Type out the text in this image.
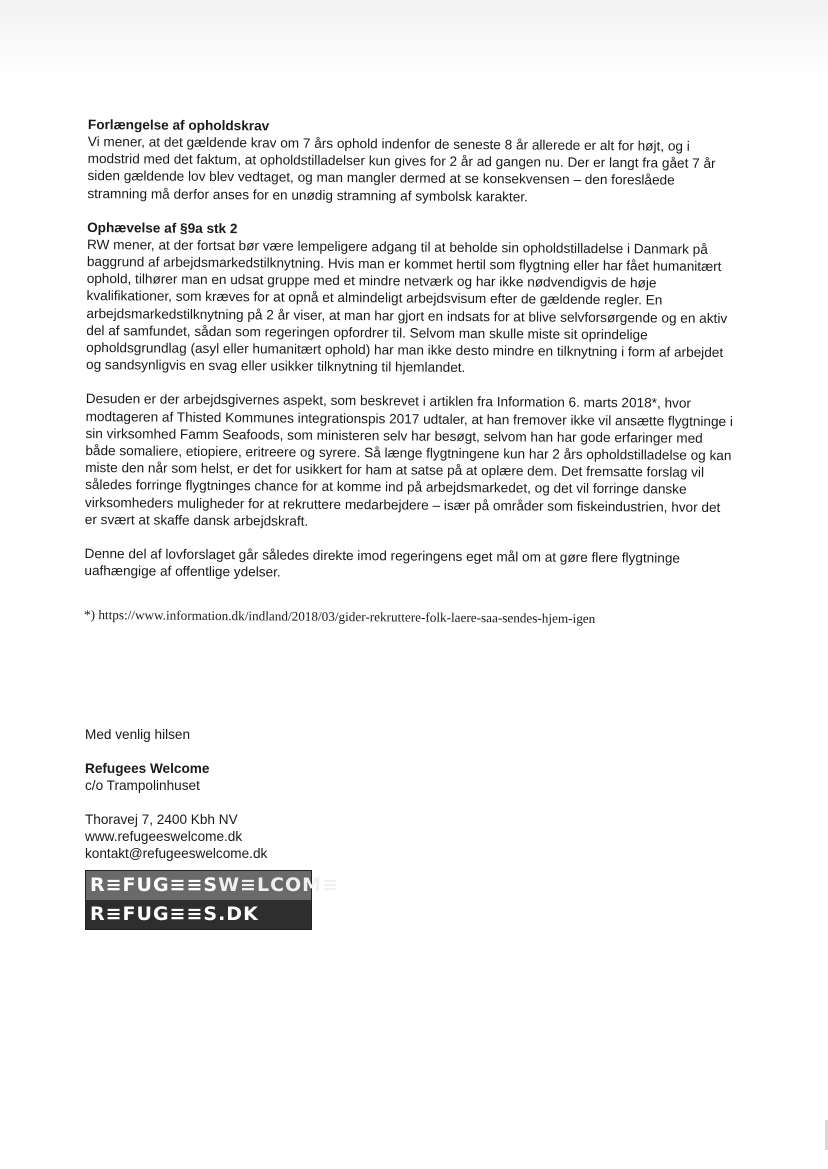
Forlængelse af opholdskrav

Vi mener, at det gældende krav om 7 års ophold indenfor de seneste 8 år allerede er alt for højt, og i modstrid med det faktum, at opholdstilladelser kun gives for 2 år ad gangen nu. Der er langt fra gået 7 år siden gældende lov blev vedtaget, og man mangler dermed at se konsekvensen – den foreslåede stramning må derfor anses for en unødig stramning af symbolsk karakter.

Ophævelse af §9a stk 2

RW mener, at der fortsat bør være lempeligere adgang til at beholde sin opholdstilladelse i Danmark på baggrund af arbejdsmarkedstilknytning. Hvis man er kommet hertil som flygtning eller har fået humanitært ophold, tilhører man en udsat gruppe med et mindre netværk og har ikke nødvendigvis de høje kvalifikationer, som kræves for at opnå et almindeligt arbejdsvisum efter de gældende regler. En arbejdsmarkedstilknytning på 2 år viser, at man har gjort en indsats for at blive selvforsørgende og en aktiv del af samfundet, sådan som regeringen opfordrer til. Selvom man skulle miste sit oprindelige opholdsgrundlag (asyl eller humanitært ophold) har man ikke desto mindre en tilknytning i form af arbejdet og sandsynligvis en svag eller usikker tilknytning til hjemlandet.

Desuden er der arbejdsgivernes aspekt, som beskrevet i artiklen fra Information 6. marts 2018*, hvor modtageren af Thisted Kommunes integrationspis 2017 udtaler, at han fremover ikke vil ansætte flygtninge i sin virksomhed Famm Seafoods, som ministeren selv har besøgt, selvom han har gode erfaringer med både somaliere, etiopiere, eritreere og syrere. Så længe flygtningene kun har 2 års opholdstilladelse og kan miste den når som helst, er det for usikkert for ham at satse på at oplære dem. Det fremsatte forslag vil således forringe flygtninges chance for at komme ind på arbejdsmarkedet, og det vil forringe danske virksomheders muligheder for at rekruttere medarbejdere – især på områder som fiskeindustrien, hvor det er svært at skaffe dansk arbejdskraft.

Denne del af lovforslaget går således direkte imod regeringens eget mål om at gøre flere flygtninge uafhængige af offentlige ydelser.

*) https://www.information.dk/indland/2018/03/gider-rekruttere-folk-laere-saa-sendes-hjem-igen

Med venlig hilsen

Refugees Welcome

c/o Trampolinhuset

Thoravej 7, 2400 Kbh NV

www.refugeeswelcome.dk

kontakt@refugeeswelcome.dk

R≡FUG≡≡SW≡LCOM≡
R≡FUG≡≡S.DK
